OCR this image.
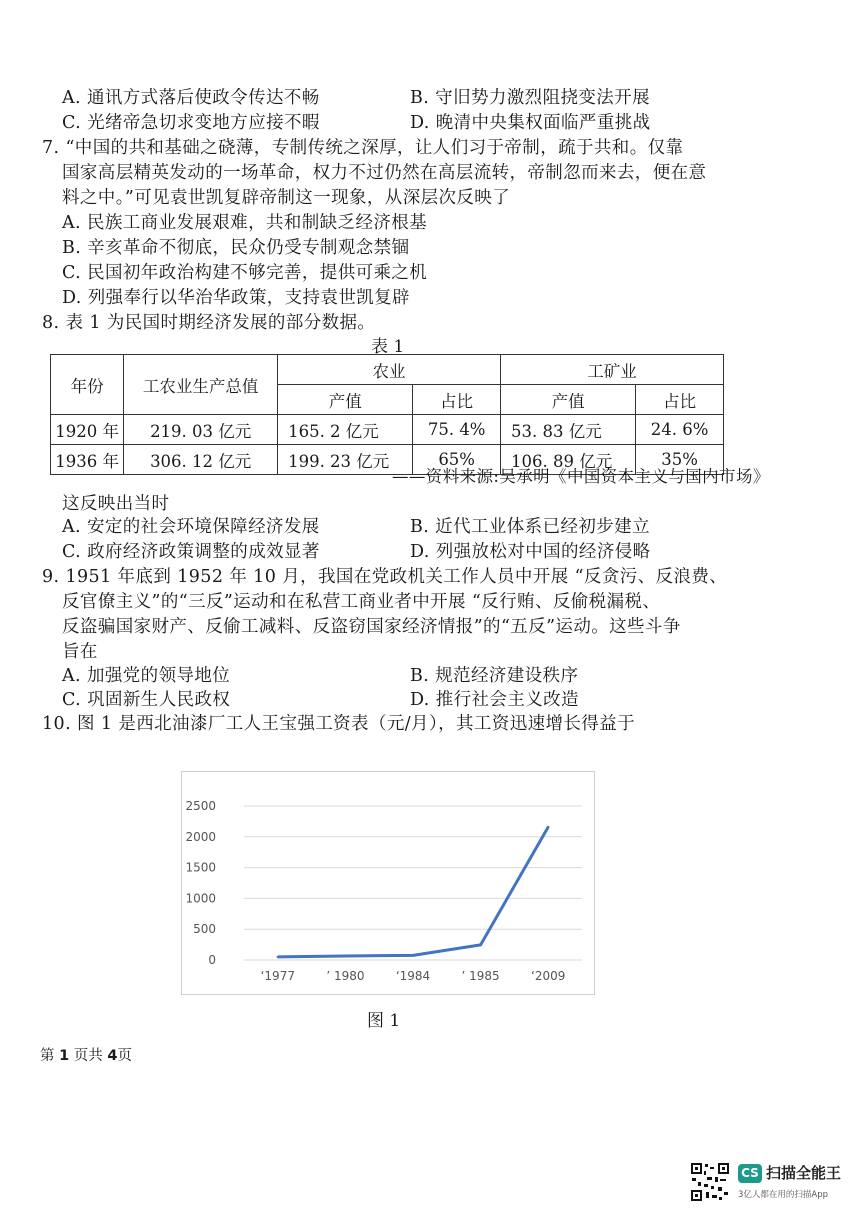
A. 通讯方式落后使政令传达不畅	B. 守旧势力激烈阻挠变法开展
C. 光绪帝急切求变地方应接不暇	D. 晚清中央集权面临严重挑战
7. “中国的共和基础之硗薄，专制传统之深厚，让人们习于帝制，疏于共和。仅靠
国家高层精英发动的一场革命，权力不过仍然在高层流转，帝制忽而来去，便在意
料之中。”可见袁世凯复辟帝制这一现象，从深层次反映了
A. 民族工商业发展艰难，共和制缺乏经济根基
B. 辛亥革命不彻底，民众仍受专制观念禁锢
C. 民国初年政治构建不够完善，提供可乘之机
D. 列强奉行以华治华政策，支持袁世凯复辟
8. 表 1 为民国时期经济发展的部分数据。
表 1
年份	工农业生产总值	农业		工矿业	
		产值	占比	产值	占比
1920 年	219. 03 亿元	165. 2 亿元	75. 4%	53. 83 亿元	24. 6%
1936 年	306. 12 亿元	199. 23 亿元	65%	106. 89 亿元	35%
——资料来源:吴承明《中国资本主义与国内市场》
这反映出当时
A. 安定的社会环境保障经济发展	B. 近代工业体系已经初步建立
C. 政府经济政策调整的成效显著	D. 列强放松对中国的经济侵略
9. 1951 年底到 1952 年 10 月，我国在党政机关工作人员中开展 “反贪污、反浪费、
反官僚主义”的“三反”运动和在私营工商业者中开展 “反行贿、反偷税漏税、
反盗骗国家财产、反偷工减料、反盗窃国家经济情报”的“五反”运动。这些斗争
旨在
A. 加强党的领导地位	B. 规范经济建设秩序
C. 巩固新生人民政权	D. 推行社会主义改造
10. 图 1 是西北油漆厂工人王宝强工资表（元/月），其工资迅速增长得益于
2500
2000
1500
1000
500
0
‘1977	’ 1980	‘1984	’ 1985	‘2009
图 1
第 1 页共 4页
CS 扫描全能王
3亿人都在用的扫描App
